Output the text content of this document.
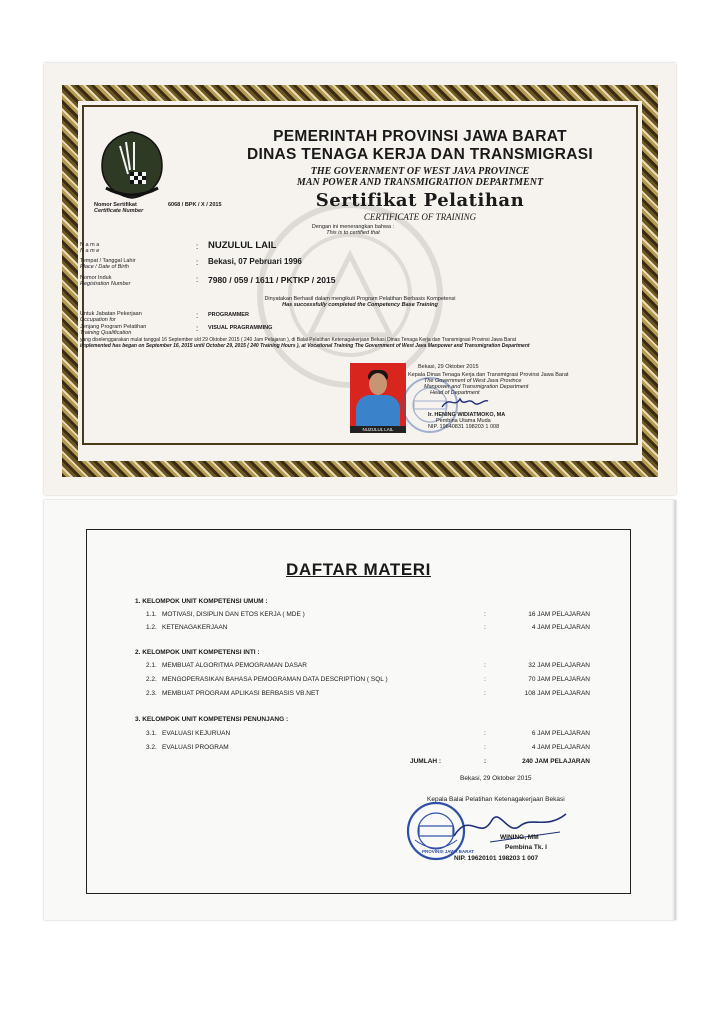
PEMERINTAH PROVINSI JAWA BARAT
DINAS TENAGA KERJA DAN TRANSMIGRASI
THE GOVERNMENT OF WEST JAVA PROVINCE
MAN POWER AND TRANSMIGRATION DEPARTMENT
Sertifikat Pelatihan
CERTIFICATE OF TRAINING
Dengan ini menerangkan bahwa :
This is to certified that
Nomor Sertifikat
Certificate Number
6068 / BPK / X / 2015
N a m a
N a m e	: NUZULUL LAIL
Tempat / Tanggal Lahir
Place / Date of Birth	: Bekasi, 07 Pebruari 1996
Nomor Induk
Registration Number	: 7980 / 059 / 1611 / PKTKP / 2015
Dinyatakan Berhasil dalam mengikuti Program Pelatihan Berbasis Kompetensi
Has successfully completed the Competency Base Training
Untuk Jabatan Pekerjaan
Occupation for	: PROGRAMMER
Jenjang Program Pelatihan
Training Qualification	: VISUAL PRAGRAMMING
yang diselenggarakan mulai tanggal 16 September s/d 29 Oktober 2015 ( 240 Jam Pelajaran ), di Balai Pelatihan Ketenagakerjaan Bekasi Dinas Tenaga Kerja dan Transmigrasi Provinsi Jawa Barat
implemented has began on September 16, 2015 until October 29, 2015 ( 240 Training Hours ), at Vocational Training The Government of West Java Manpower and Transmigration Department
NUZULUL LAIL
Bekasi, 29 Oktober 2015
Kepala Dinas Tenaga Kerja dan Transmigrasi Provinsi Jawa Barat
The Government of West Java Province
Manpower and Transmigration Department
Head of Department
Ir. HENING WIDIATMOKO, MA
Pembina Utama Muda
NIP. 19640831 198203 1 008
DAFTAR MATERI
1. KELOMPOK UNIT KOMPETENSI UMUM :
1.1. MOTIVASI, DISIPLIN DAN ETOS KERJA ( MDE )	:	16 JAM PELAJARAN
1.2. KETENAGAKERJAAN	:	4 JAM PELAJARAN
2. KELOMPOK UNIT KOMPETENSI INTI :
2.1. MEMBUAT ALGORITMA PEMOGRAMAN DASAR	:	32 JAM PELAJARAN
2.2. MENGOPERASIKAN BAHASA PEMOGRAMAN DATA DESCRIPTION ( SQL )	:	70 JAM PELAJARAN
2.3. MEMBUAT PROGRAM APLIKASI BERBASIS VB.NET	:	108 JAM PELAJARAN
3. KELOMPOK UNIT KOMPETENSI PENUNJANG :
3.1. EVALUASI KEJURUAN	:	6 JAM PELAJARAN
3.2. EVALUASI PROGRAM	:	4 JAM PELAJARAN
JUMLAH :	:	240 JAM PELAJARAN
Bekasi, 29 Oktober 2015
Kepala Balai Pelatihan Ketenagakerjaan Bekasi
PROVINSI JAWA BARAT
WINING, MM
Pembina Tk. I
NIP. 19620101 198203 1 007
